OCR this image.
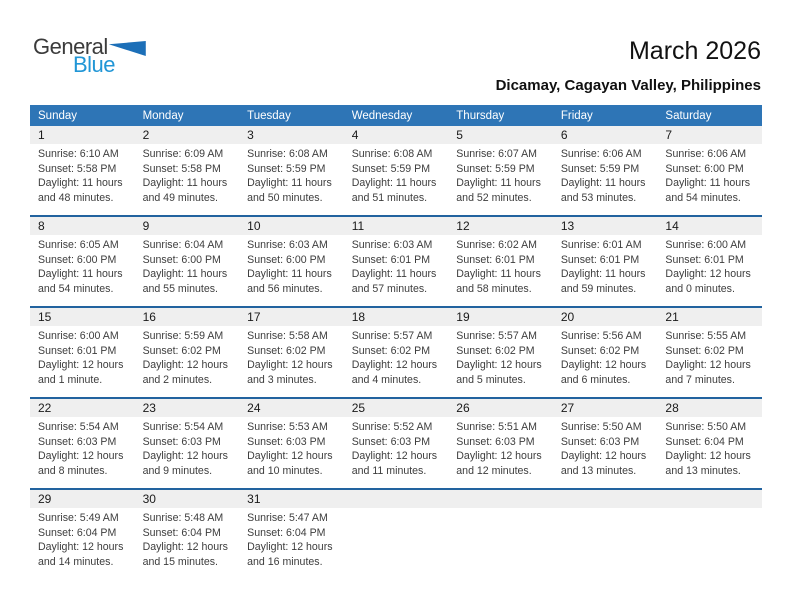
General
Blue	March 2026
Dicamay, Cagayan Valley, Philippines
Sunday	Monday	Tuesday	Wednesday	Thursday	Friday	Saturday
1	2	3	4	5	6	7
Sunrise: 6:10 AM
Sunset: 5:58 PM
Daylight: 11 hours
and 48 minutes.
Sunrise: 6:09 AM
Sunset: 5:58 PM
Daylight: 11 hours
and 49 minutes.
Sunrise: 6:08 AM
Sunset: 5:59 PM
Daylight: 11 hours
and 50 minutes.
Sunrise: 6:08 AM
Sunset: 5:59 PM
Daylight: 11 hours
and 51 minutes.
Sunrise: 6:07 AM
Sunset: 5:59 PM
Daylight: 11 hours
and 52 minutes.
Sunrise: 6:06 AM
Sunset: 5:59 PM
Daylight: 11 hours
and 53 minutes.
Sunrise: 6:06 AM
Sunset: 6:00 PM
Daylight: 11 hours
and 54 minutes.
8	9	10	11	12	13	14
Sunrise: 6:05 AM
Sunset: 6:00 PM
Daylight: 11 hours
and 54 minutes.
Sunrise: 6:04 AM
Sunset: 6:00 PM
Daylight: 11 hours
and 55 minutes.
Sunrise: 6:03 AM
Sunset: 6:00 PM
Daylight: 11 hours
and 56 minutes.
Sunrise: 6:03 AM
Sunset: 6:01 PM
Daylight: 11 hours
and 57 minutes.
Sunrise: 6:02 AM
Sunset: 6:01 PM
Daylight: 11 hours
and 58 minutes.
Sunrise: 6:01 AM
Sunset: 6:01 PM
Daylight: 11 hours
and 59 minutes.
Sunrise: 6:00 AM
Sunset: 6:01 PM
Daylight: 12 hours
and 0 minutes.
15	16	17	18	19	20	21
Sunrise: 6:00 AM
Sunset: 6:01 PM
Daylight: 12 hours
and 1 minute.
Sunrise: 5:59 AM
Sunset: 6:02 PM
Daylight: 12 hours
and 2 minutes.
Sunrise: 5:58 AM
Sunset: 6:02 PM
Daylight: 12 hours
and 3 minutes.
Sunrise: 5:57 AM
Sunset: 6:02 PM
Daylight: 12 hours
and 4 minutes.
Sunrise: 5:57 AM
Sunset: 6:02 PM
Daylight: 12 hours
and 5 minutes.
Sunrise: 5:56 AM
Sunset: 6:02 PM
Daylight: 12 hours
and 6 minutes.
Sunrise: 5:55 AM
Sunset: 6:02 PM
Daylight: 12 hours
and 7 minutes.
22	23	24	25	26	27	28
Sunrise: 5:54 AM
Sunset: 6:03 PM
Daylight: 12 hours
and 8 minutes.
Sunrise: 5:54 AM
Sunset: 6:03 PM
Daylight: 12 hours
and 9 minutes.
Sunrise: 5:53 AM
Sunset: 6:03 PM
Daylight: 12 hours
and 10 minutes.
Sunrise: 5:52 AM
Sunset: 6:03 PM
Daylight: 12 hours
and 11 minutes.
Sunrise: 5:51 AM
Sunset: 6:03 PM
Daylight: 12 hours
and 12 minutes.
Sunrise: 5:50 AM
Sunset: 6:03 PM
Daylight: 12 hours
and 13 minutes.
Sunrise: 5:50 AM
Sunset: 6:04 PM
Daylight: 12 hours
and 13 minutes.
29	30	31
Sunrise: 5:49 AM
Sunset: 6:04 PM
Daylight: 12 hours
and 14 minutes.
Sunrise: 5:48 AM
Sunset: 6:04 PM
Daylight: 12 hours
and 15 minutes.
Sunrise: 5:47 AM
Sunset: 6:04 PM
Daylight: 12 hours
and 16 minutes.
